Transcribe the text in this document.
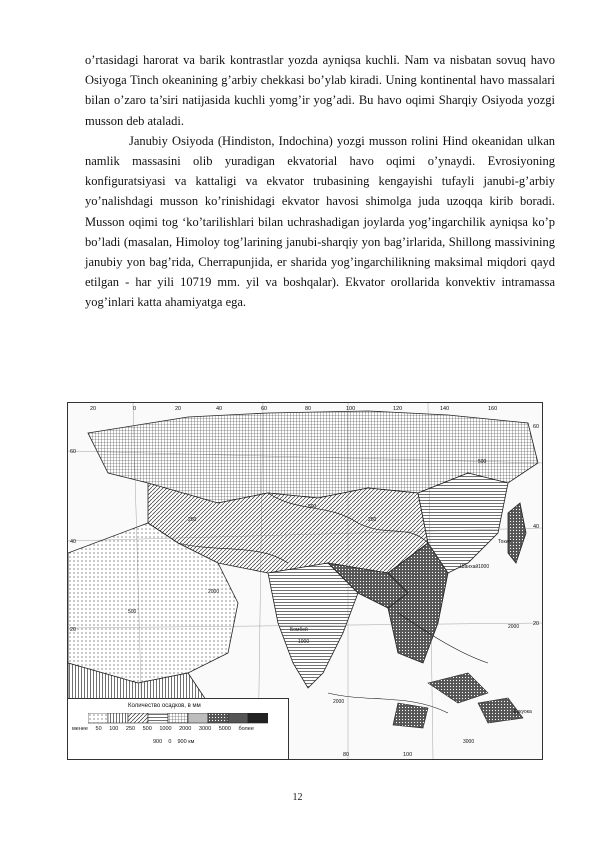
o’rtasidagi harorat va barik kontrastlar yozda ayniqsa kuchli. Nam va nisbatan sovuq havo Osiyoga Tinch okeanining g’arbiy chekkasi bo’ylab kiradi. Uning kontinental havo massalari bilan o’zaro ta’siri natijasida kuchli yomg’ir yog’adi. Bu havo oqimi Sharqiy Osiyoda yozgi musson deb ataladi.

Janubiy Osiyoda (Hindiston, Indochina) yozgi musson rolini Hind okeanidan ulkan namlik massasini olib yuradigan ekvatorial havo oqimi o’ynaydi. Evrosiyoning konfiguratsiyasi va kattaligi va ekvator trubasining kengayishi tufayli janubi-g’arbiy yo’nalishdagi musson ko’rinishidagi ekvator havosi shimolga juda uzoqqa kirib boradi. Musson oqimi tog ‘ko’tarilishlari bilan uchrashadigan joylarda yog’ingarchilik ayniqsa ko’p bo’ladi (masalan, Himoloy tog’larining janubi-sharqiy yon bag’irlarida, Shillong massivining janubiy yon bag’rida, Cherrapunjida, er sharida yog’ingarchilikning maksimal miqdori qayd etilgan - har yili 10719 mm. yil va boshqalar). Ekvator orollarida konvektiv intramassa yog’inlari katta ahamiyatga ega.

20	0	20	40	60	80	100	120	140	160
60
40
20
60
40
20
80	100
250
500
250
500
1000
2000
1000
2000
3000
2000
500
Бомбей
Шанхай
Токио
Фукуока
Количество осадков, в мм
менее 50 100 250 500 1000 2000 3000 5000 более
900 0 900 км
12
